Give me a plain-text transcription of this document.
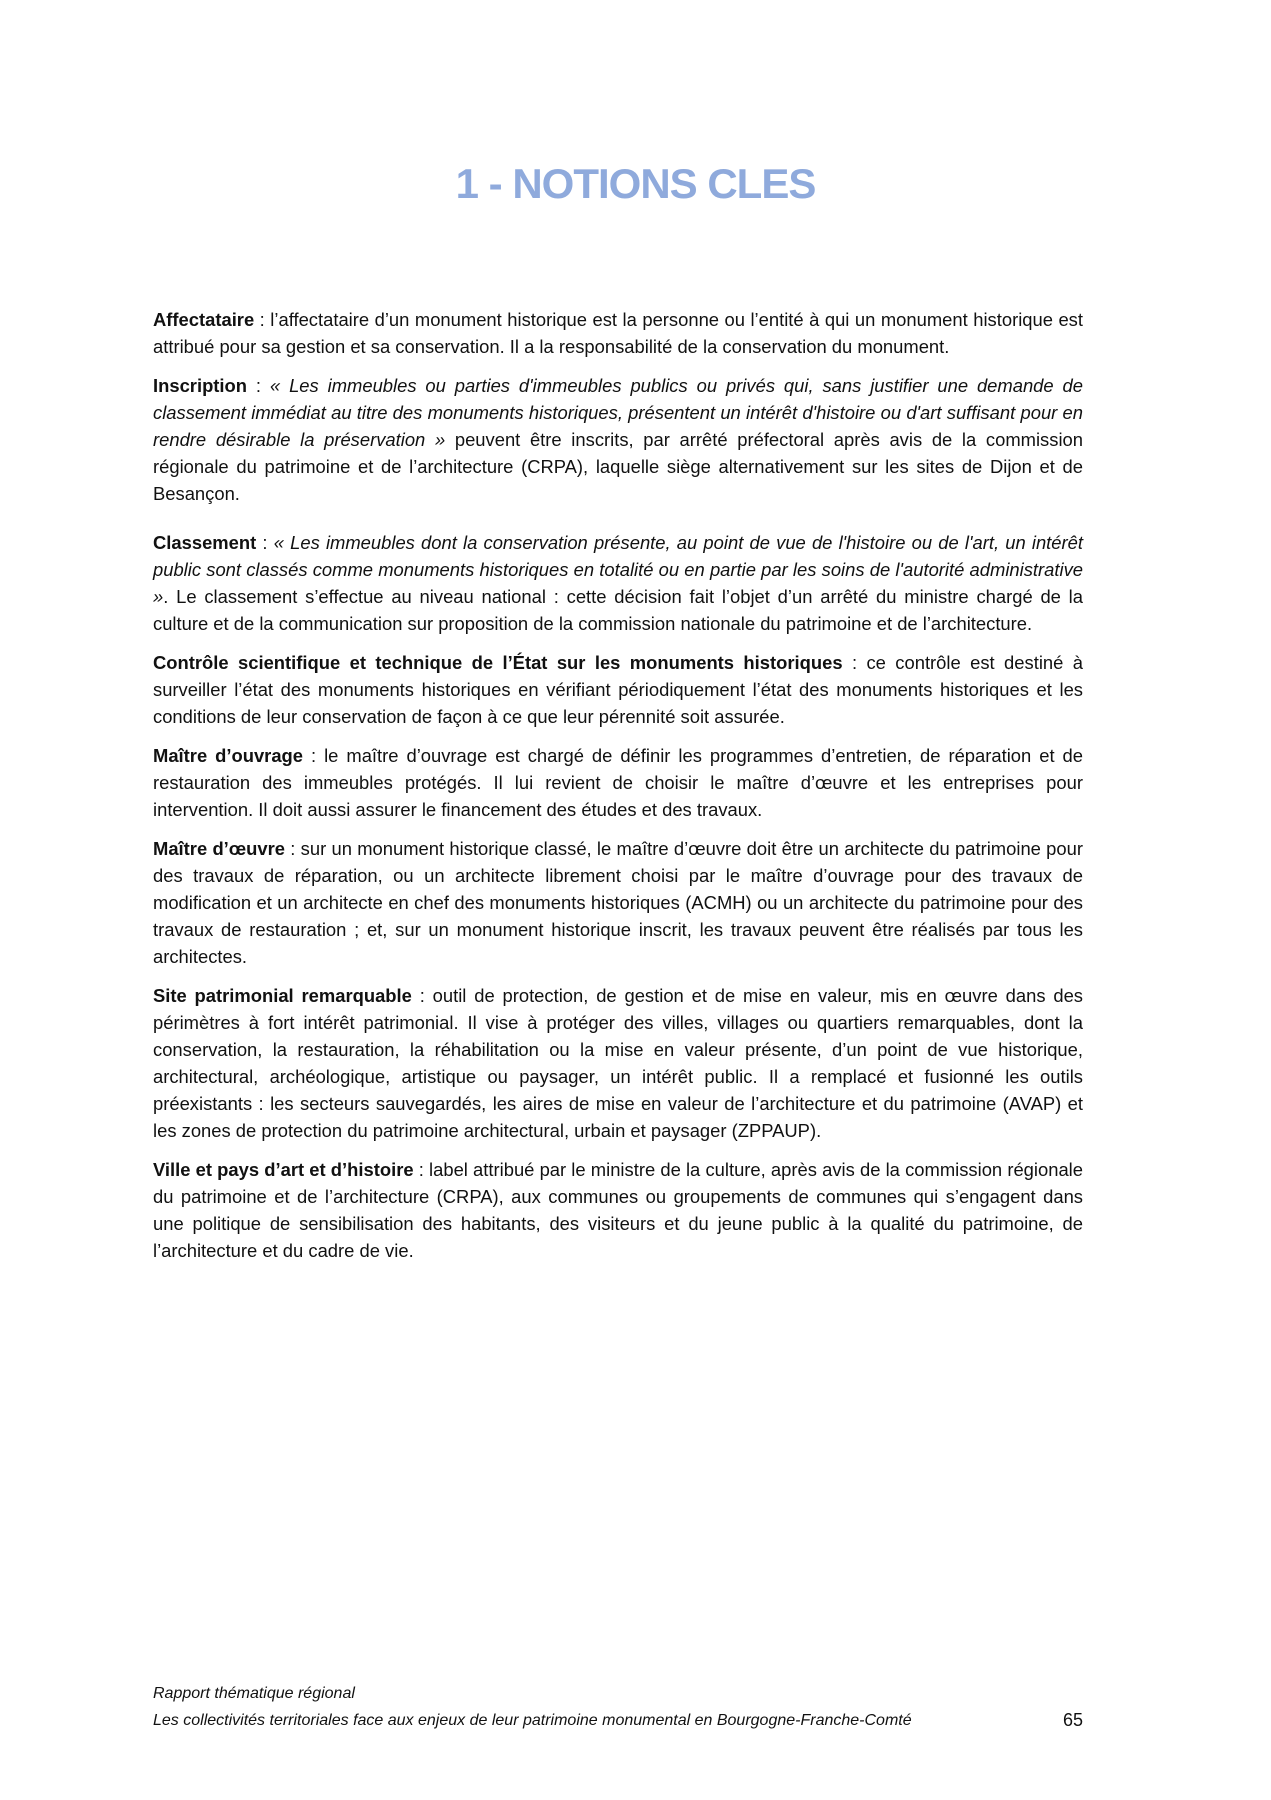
1 - NOTIONS CLES

Affectataire : l’affectataire d’un monument historique est la personne ou l’entité à qui un monument historique est attribué pour sa gestion et sa conservation. Il a la responsabilité de la conservation du monument.

Inscription : « Les immeubles ou parties d'immeubles publics ou privés qui, sans justifier une demande de classement immédiat au titre des monuments historiques, présentent un intérêt d'histoire ou d'art suffisant pour en rendre désirable la préservation » peuvent être inscrits, par arrêté préfectoral après avis de la commission régionale du patrimoine et de l’architecture (CRPA), laquelle siège alternativement sur les sites de Dijon et de Besançon.

Classement : « Les immeubles dont la conservation présente, au point de vue de l'histoire ou de l'art, un intérêt public sont classés comme monuments historiques en totalité ou en partie par les soins de l'autorité administrative ». Le classement s’effectue au niveau national : cette décision fait l’objet d’un arrêté du ministre chargé de la culture et de la communication sur proposition de la commission nationale du patrimoine et de l’architecture.

Contrôle scientifique et technique de l’État sur les monuments historiques : ce contrôle est destiné à surveiller l’état des monuments historiques en vérifiant périodiquement l’état des monuments historiques et les conditions de leur conservation de façon à ce que leur pérennité soit assurée.

Maître d’ouvrage : le maître d’ouvrage est chargé de définir les programmes d’entretien, de réparation et de restauration des immeubles protégés. Il lui revient de choisir le maître d’œuvre et les entreprises pour intervention. Il doit aussi assurer le financement des études et des travaux.

Maître d’œuvre : sur un monument historique classé, le maître d’œuvre doit être un architecte du patrimoine pour des travaux de réparation, ou un architecte librement choisi par le maître d’ouvrage pour des travaux de modification et un architecte en chef des monuments historiques (ACMH) ou un architecte du patrimoine pour des travaux de restauration ; et, sur un monument historique inscrit, les travaux peuvent être réalisés par tous les architectes.

Site patrimonial remarquable : outil de protection, de gestion et de mise en valeur, mis en œuvre dans des périmètres à fort intérêt patrimonial. Il vise à protéger des villes, villages ou quartiers remarquables, dont la conservation, la restauration, la réhabilitation ou la mise en valeur présente, d’un point de vue historique, architectural, archéologique, artistique ou paysager, un intérêt public. Il a remplacé et fusionné les outils préexistants : les secteurs sauvegardés, les aires de mise en valeur de l’architecture et du patrimoine (AVAP) et les zones de protection du patrimoine architectural, urbain et paysager (ZPPAUP).

Ville et pays d’art et d’histoire : label attribué par le ministre de la culture, après avis de la commission régionale du patrimoine et de l’architecture (CRPA), aux communes ou groupements de communes qui s’engagent dans une politique de sensibilisation des habitants, des visiteurs et du jeune public à la qualité du patrimoine, de l’architecture et du cadre de vie.

Rapport thématique régional
Les collectivités territoriales face aux enjeux de leur patrimoine monumental en Bourgogne-Franche-Comté	65
